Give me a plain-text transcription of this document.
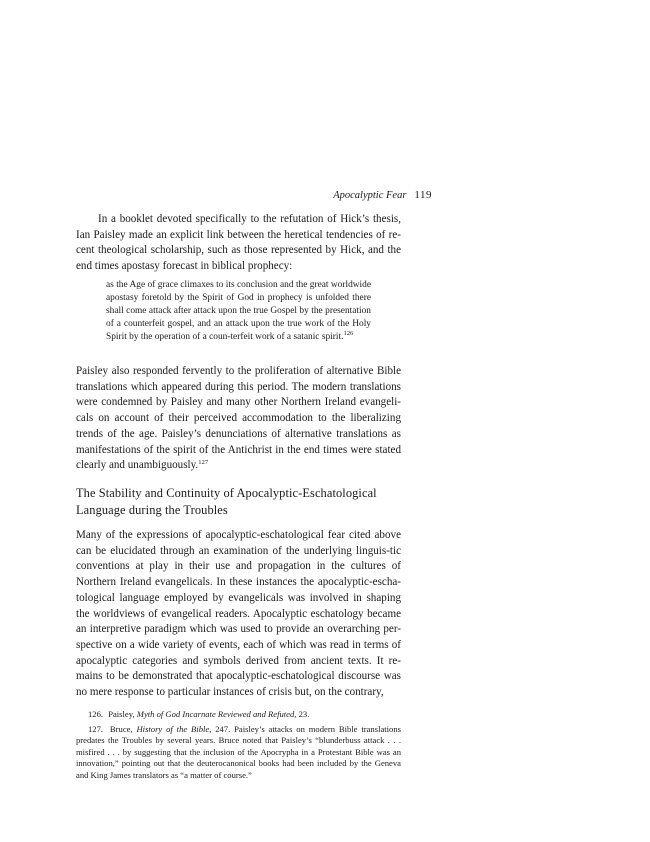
Apocalyptic Fear 119

In a booklet devoted specifically to the refutation of Hick’s thesis, Ian Paisley made an explicit link between the heretical tendencies of re-cent theological scholarship, such as those represented by Hick, and the end times apostasy forecast in biblical prophecy:

as the Age of grace climaxes to its conclusion and the great worldwide apostasy foretold by the Spirit of God in prophecy is unfolded there shall come attack after attack upon the true Gospel by the presentation of a counterfeit gospel, and an attack upon the true work of the Holy Spirit by the operation of a coun-terfeit work of a satanic spirit.$^{126}$

Paisley also responded fervently to the proliferation of alternative Bible translations which appeared during this period. The modern translations were condemned by Paisley and many other Northern Ireland evangeli-cals on account of their perceived accommodation to the liberalizing trends of the age. Paisley’s denunciations of alternative translations as manifestations of the spirit of the Antichrist in the end times were stated clearly and unambiguously.$^{127}$

The Stability and Continuity of Apocalyptic-Eschatological Language during the Troubles

Many of the expressions of apocalyptic-eschatological fear cited above can be elucidated through an examination of the underlying linguis-tic conventions at play in their use and propagation in the cultures of Northern Ireland evangelicals. In these instances the apocalyptic-escha-tological language employed by evangelicals was involved in shaping the worldviews of evangelical readers. Apocalyptic eschatology became an interpretive paradigm which was used to provide an overarching per-spective on a wide variety of events, each of which was read in terms of apocalyptic categories and symbols derived from ancient texts. It re-mains to be demonstrated that apocalyptic-eschatological discourse was no mere response to particular instances of crisis but, on the contrary,

126. Paisley, Myth of God Incarnate Reviewed and Refuted, 23.

127. Bruce, History of the Bible, 247. Paisley’s attacks on modern Bible translations predates the Troubles by several years. Bruce noted that Paisley’s “blunderbuss attack . . . misfired . . . by suggesting that the inclusion of the Apocrypha in a Protestant Bible was an innovation,” pointing out that the deuterocanonical books had been included by the Geneva and King James translators as “a matter of course.”
